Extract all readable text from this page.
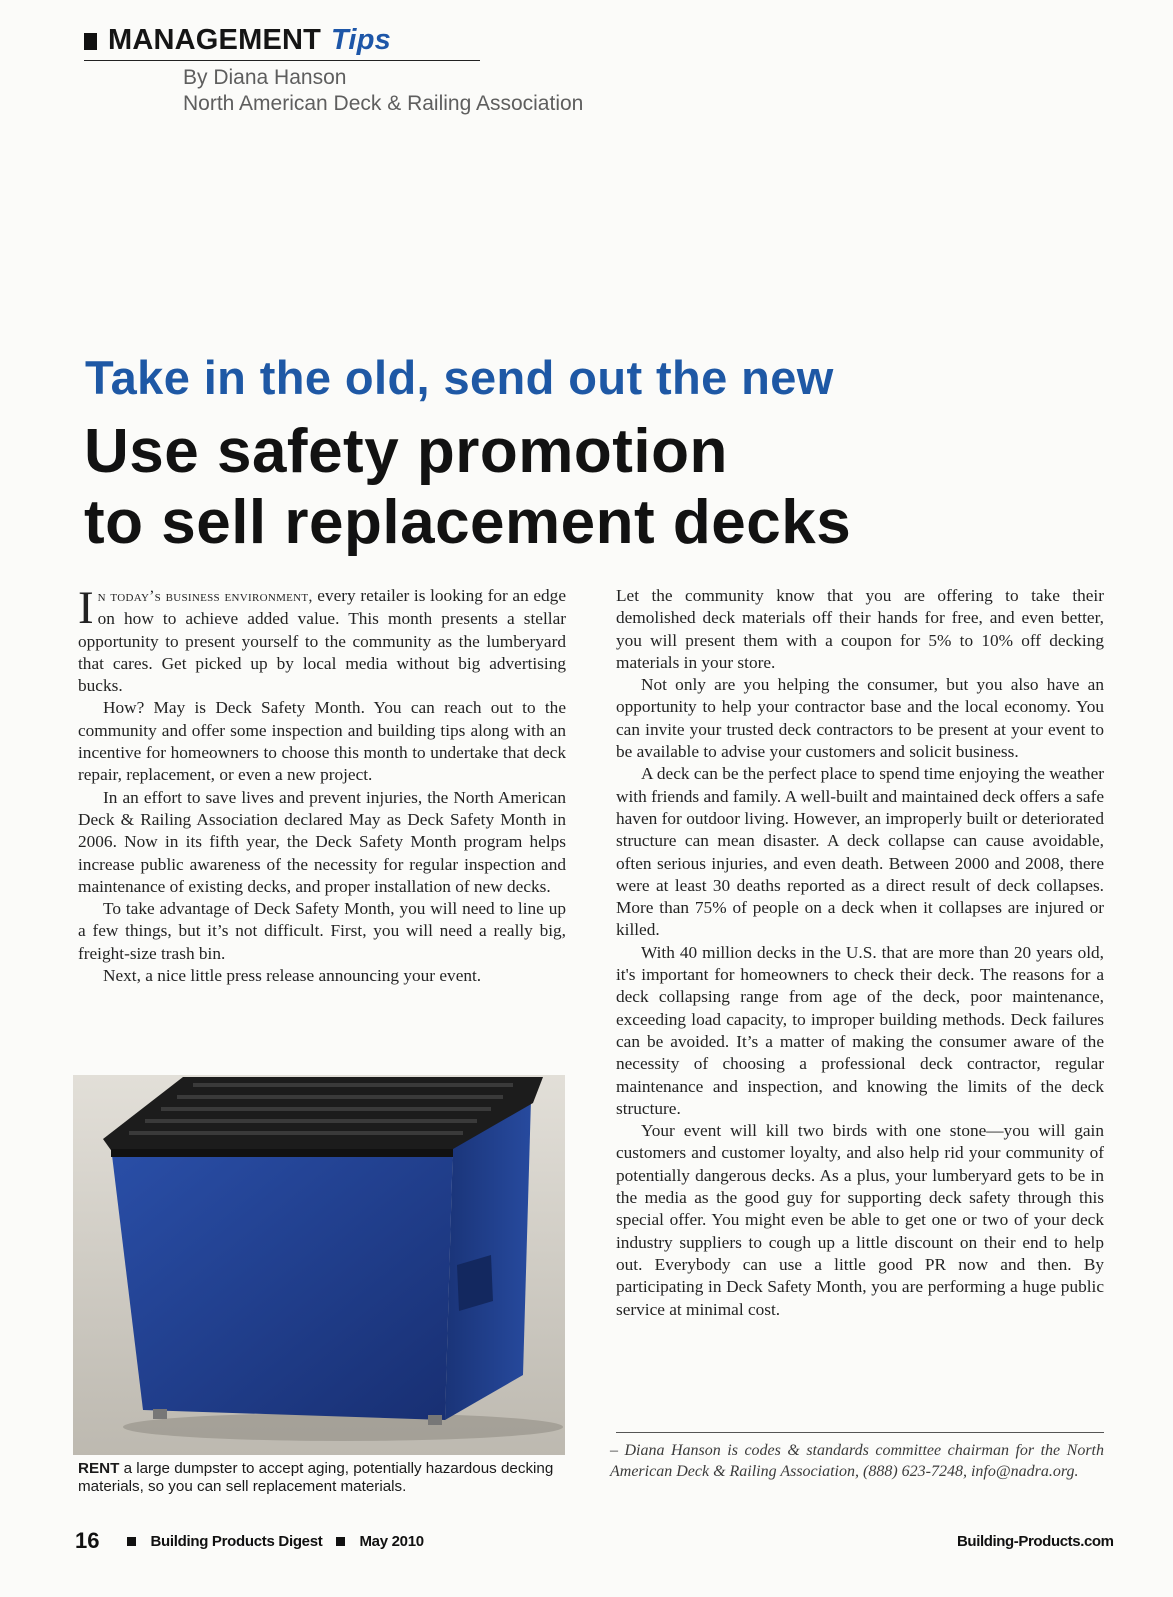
MANAGEMENT Tips
By Diana Hanson
North American Deck & Railing Association
Take in the old, send out the new
Use safety promotion
to sell replacement decks

In today’s business environment, every retailer is looking for an edge on how to achieve added value. This month presents a stellar opportunity to present yourself to the community as the lumberyard that cares. Get picked up by local media without big advertising bucks.

How? May is Deck Safety Month. You can reach out to the community and offer some inspection and building tips along with an incentive for homeowners to choose this month to undertake that deck repair, replacement, or even a new project.

In an effort to save lives and prevent injuries, the North American Deck & Railing Association declared May as Deck Safety Month in 2006. Now in its fifth year, the Deck Safety Month program helps increase public awareness of the necessity for regular inspection and maintenance of existing decks, and proper installation of new decks.

To take advantage of Deck Safety Month, you will need to line up a few things, but it’s not difficult. First, you will need a really big, freight-size trash bin.

Next, a nice little press release announcing your event.

RENT a large dumpster to accept aging, potentially hazardous decking materials, so you can sell replacement materials.

Let the community know that you are offering to take their demolished deck materials off their hands for free, and even better, you will present them with a coupon for 5% to 10% off decking materials in your store.

Not only are you helping the consumer, but you also have an opportunity to help your contractor base and the local economy. You can invite your trusted deck contractors to be present at your event to be available to advise your customers and solicit business.

A deck can be the perfect place to spend time enjoying the weather with friends and family. A well-built and maintained deck offers a safe haven for outdoor living. However, an improperly built or deteriorated structure can mean disaster. A deck collapse can cause avoidable, often serious injuries, and even death. Between 2000 and 2008, there were at least 30 deaths reported as a direct result of deck collapses. More than 75% of people on a deck when it collapses are injured or killed.

With 40 million decks in the U.S. that are more than 20 years old, it's important for homeowners to check their deck. The reasons for a deck collapsing range from age of the deck, poor maintenance, exceeding load capacity, to improper building methods. Deck failures can be avoided. It’s a matter of making the consumer aware of the necessity of choosing a professional deck contractor, regular maintenance and inspection, and knowing the limits of the deck structure.

Your event will kill two birds with one stone—you will gain customers and customer loyalty, and also help rid your community of potentially dangerous decks. As a plus, your lumberyard gets to be in the media as the good guy for supporting deck safety through this special offer. You might even be able to get one or two of your deck industry suppliers to cough up a little discount on their end to help out. Everybody can use a little good PR now and then. By participating in Deck Safety Month, you are performing a huge public service at minimal cost.

– Diana Hanson is codes & standards committee chairman for the North American Deck & Railing Association, (888) 623-7248, info@nadra.org.
16	Building Products Digest May 2010	Building-Products.com
